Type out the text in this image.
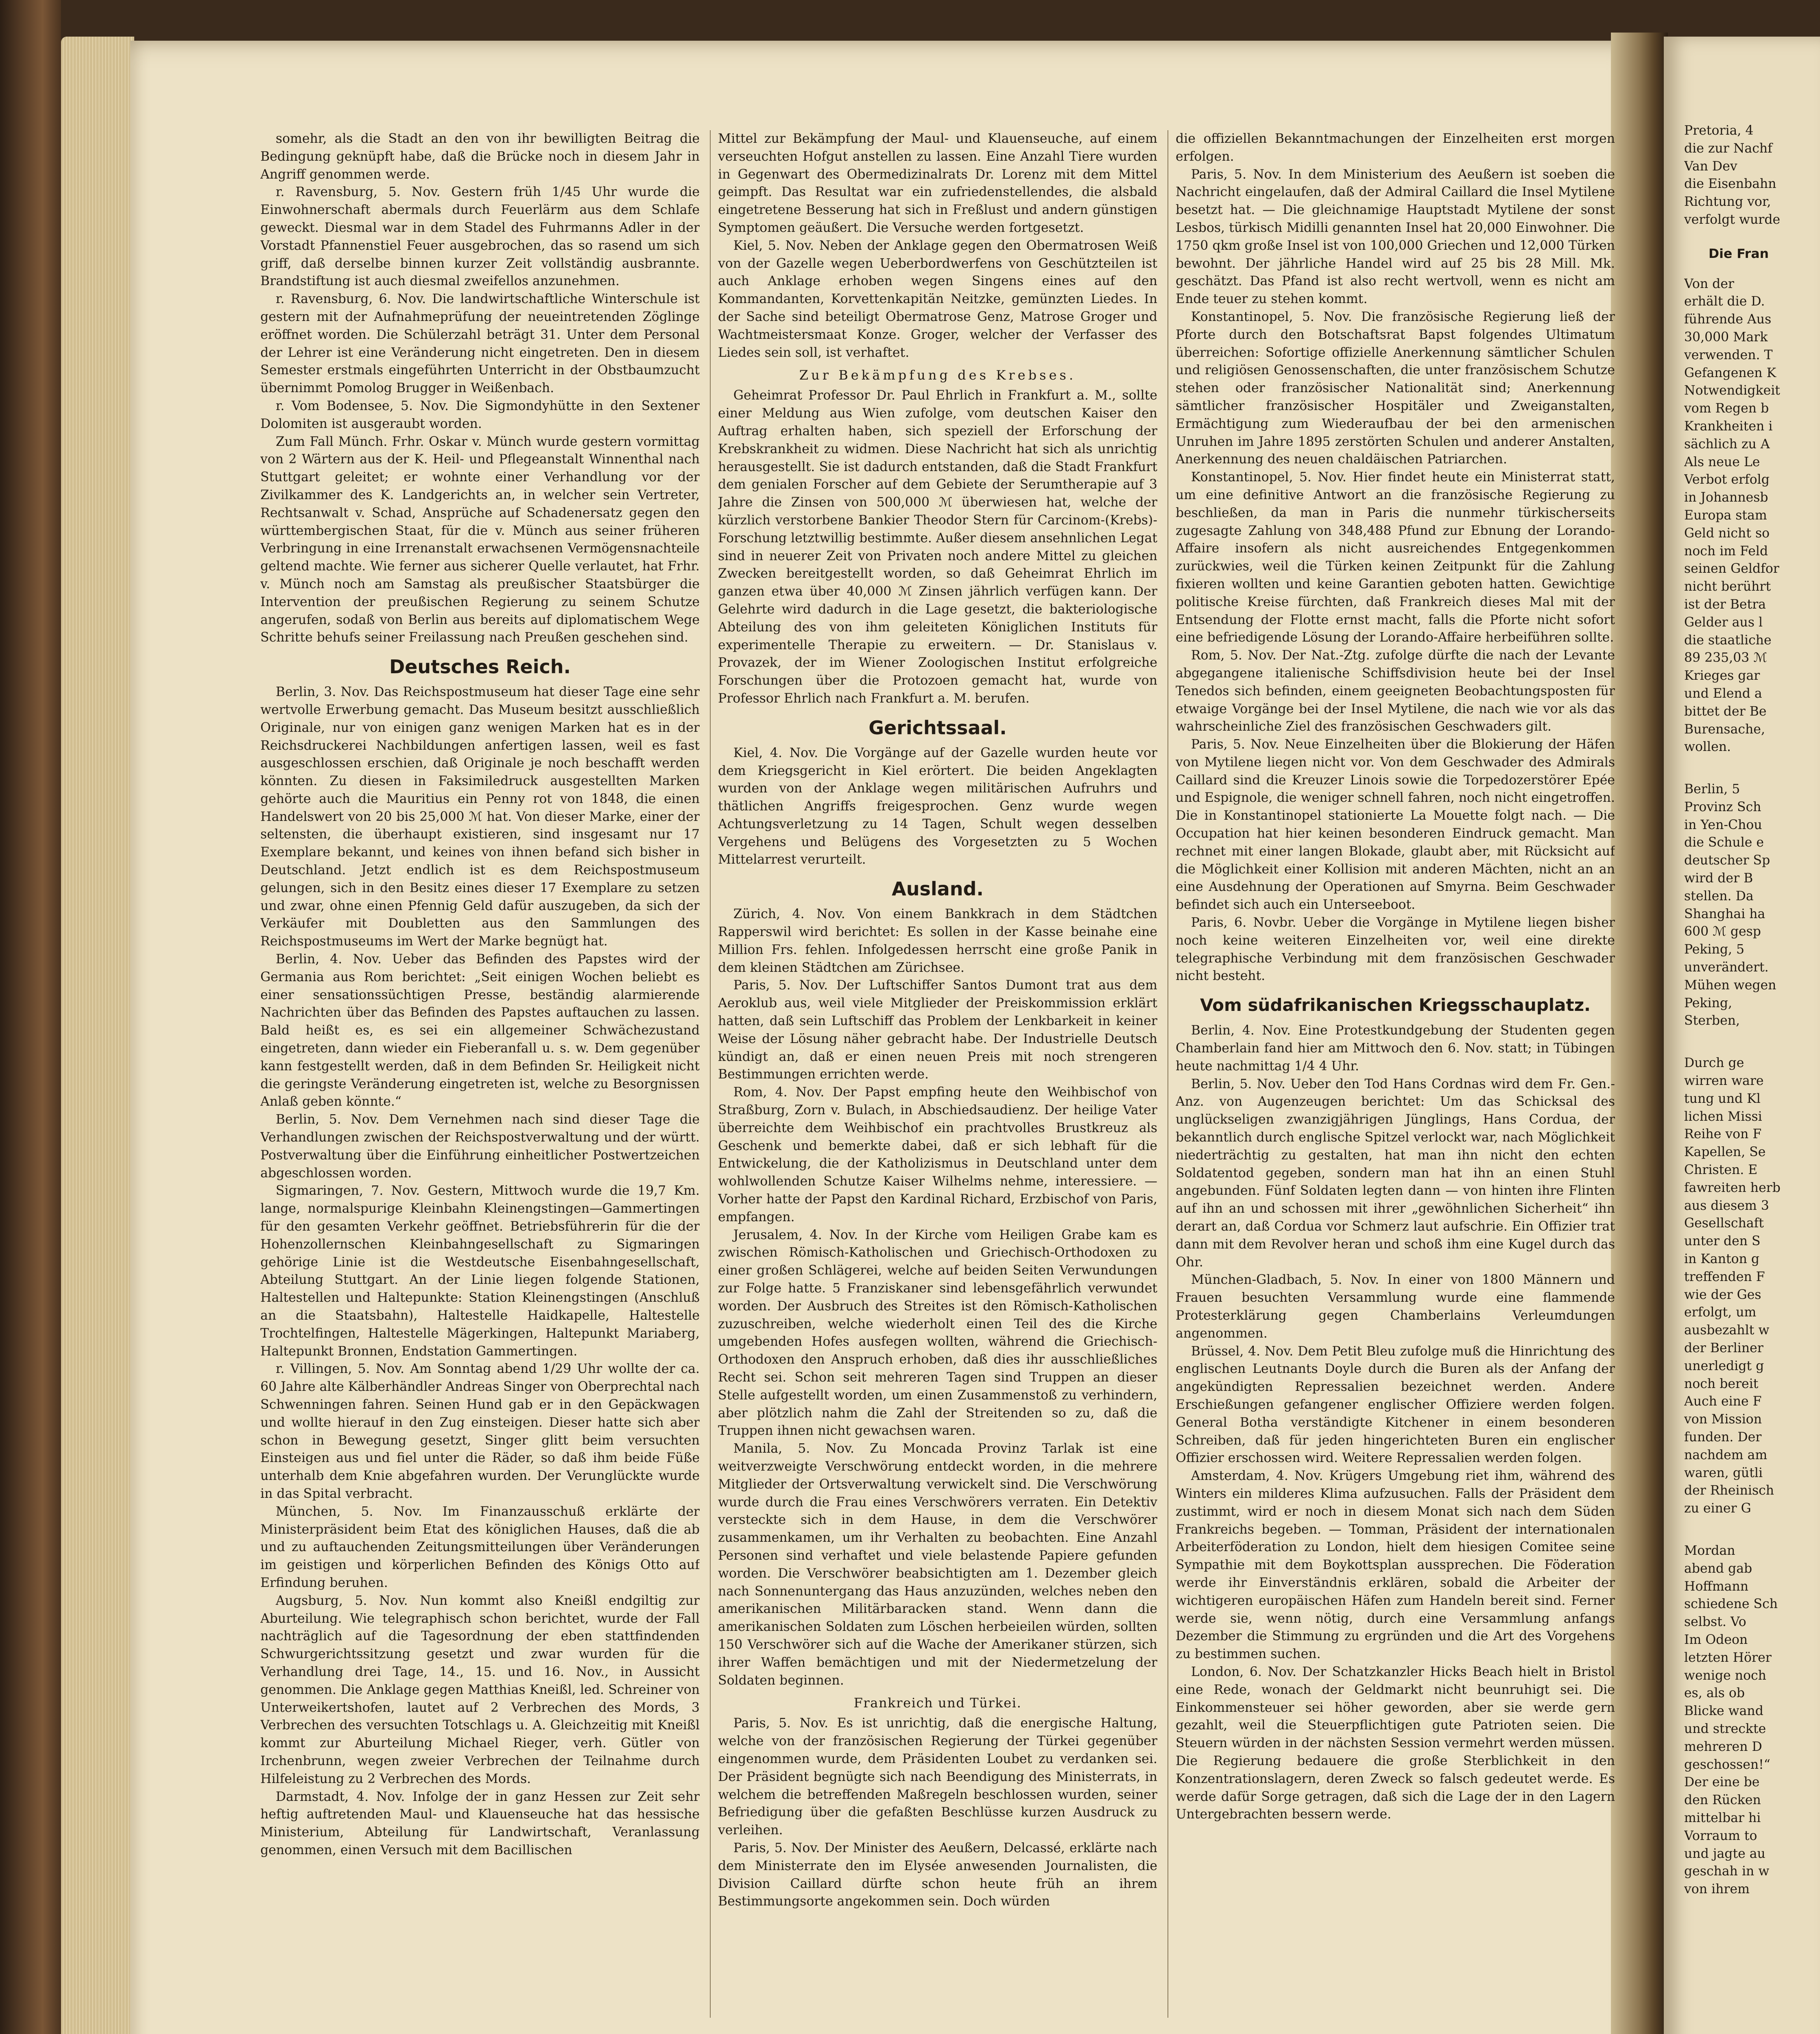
somehr, als die Stadt an den von ihr bewilligten Beitrag die Bedingung geknüpft habe, daß die Brücke noch in diesem Jahr in Angriff genommen werde.

r. Ravensburg, 5. Nov. Gestern früh 1/45 Uhr wurde die Einwohnerschaft abermals durch Feuerlärm aus dem Schlafe geweckt. Diesmal war in dem Stadel des Fuhrmanns Adler in der Vorstadt Pfannenstiel Feuer ausgebrochen, das so rasend um sich griff, daß derselbe binnen kurzer Zeit vollständig ausbrannte. Brandstiftung ist auch diesmal zweifellos anzunehmen.

r. Ravensburg, 6. Nov. Die landwirtschaftliche Winterschule ist gestern mit der Aufnahmeprüfung der neueintretenden Zöglinge eröffnet worden. Die Schülerzahl beträgt 31. Unter dem Personal der Lehrer ist eine Veränderung nicht eingetreten. Den in diesem Semester erstmals eingeführten Unterricht in der Obstbaumzucht übernimmt Pomolog Brugger in Weißenbach.

r. Vom Bodensee, 5. Nov. Die Sigmondyhütte in den Sextener Dolomiten ist ausgeraubt worden.

Zum Fall Münch. Frhr. Oskar v. Münch wurde gestern vormittag von 2 Wärtern aus der K. Heil- und Pflegeanstalt Winnenthal nach Stuttgart geleitet; er wohnte einer Verhandlung vor der Zivilkammer des K. Landgerichts an, in welcher sein Vertreter, Rechtsanwalt v. Schad, Ansprüche auf Schadenersatz gegen den württembergischen Staat, für die v. Münch aus seiner früheren Verbringung in eine Irrenanstalt erwachsenen Vermögensnachteile geltend machte. Wie ferner aus sicherer Quelle verlautet, hat Frhr. v. Münch noch am Samstag als preußischer Staatsbürger die Intervention der preußischen Regierung zu seinem Schutze angerufen, sodaß von Berlin aus bereits auf diplomatischem Wege Schritte behufs seiner Freilassung nach Preußen geschehen sind.

Deutsches Reich.

Berlin, 3. Nov. Das Reichspostmuseum hat dieser Tage eine sehr wertvolle Erwerbung gemacht. Das Museum besitzt ausschließlich Originale, nur von einigen ganz wenigen Marken hat es in der Reichsdruckerei Nachbildungen anfertigen lassen, weil es fast ausgeschlossen erschien, daß Originale je noch beschafft werden könnten. Zu diesen in Faksimiledruck ausgestellten Marken gehörte auch die Mauritius ein Penny rot von 1848, die einen Handelswert von 20 bis 25,000 ℳ hat. Von dieser Marke, einer der seltensten, die überhaupt existieren, sind insgesamt nur 17 Exemplare bekannt, und keines von ihnen befand sich bisher in Deutschland. Jetzt endlich ist es dem Reichspostmuseum gelungen, sich in den Besitz eines dieser 17 Exemplare zu setzen und zwar, ohne einen Pfennig Geld dafür auszugeben, da sich der Verkäufer mit Doubletten aus den Sammlungen des Reichspostmuseums im Wert der Marke begnügt hat.

Berlin, 4. Nov. Ueber das Befinden des Papstes wird der Germania aus Rom berichtet: „Seit einigen Wochen beliebt es einer sensationssüchtigen Presse, beständig alarmierende Nachrichten über das Befinden des Papstes auftauchen zu lassen. Bald heißt es, es sei ein allgemeiner Schwächezustand eingetreten, dann wieder ein Fieberanfall u. s. w. Dem gegenüber kann festgestellt werden, daß in dem Befinden Sr. Heiligkeit nicht die geringste Veränderung eingetreten ist, welche zu Besorgnissen Anlaß geben könnte.“

Berlin, 5. Nov. Dem Vernehmen nach sind dieser Tage die Verhandlungen zwischen der Reichspostverwaltung und der württ. Postverwaltung über die Einführung einheitlicher Postwertzeichen abgeschlossen worden.

Sigmaringen, 7. Nov. Gestern, Mittwoch wurde die 19,7 Km. lange, normalspurige Kleinbahn Kleinengstingen—Gammertingen für den gesamten Verkehr geöffnet. Betriebsführerin für die der Hohenzollernschen Kleinbahngesellschaft zu Sigmaringen gehörige Linie ist die Westdeutsche Eisenbahngesellschaft, Abteilung Stuttgart. An der Linie liegen folgende Stationen, Haltestellen und Haltepunkte: Station Kleinengstingen (Anschluß an die Staatsbahn), Haltestelle Haidkapelle, Haltestelle Trochtelfingen, Haltestelle Mägerkingen, Haltepunkt Mariaberg, Haltepunkt Bronnen, Endstation Gammertingen.

r. Villingen, 5. Nov. Am Sonntag abend 1/29 Uhr wollte der ca. 60 Jahre alte Kälberhändler Andreas Singer von Oberprechtal nach Schwenningen fahren. Seinen Hund gab er in den Gepäckwagen und wollte hierauf in den Zug einsteigen. Dieser hatte sich aber schon in Bewegung gesetzt, Singer glitt beim versuchten Einsteigen aus und fiel unter die Räder, so daß ihm beide Füße unterhalb dem Knie abgefahren wurden. Der Verunglückte wurde in das Spital verbracht.

München, 5. Nov. Im Finanzausschuß erklärte der Ministerpräsident beim Etat des königlichen Hauses, daß die ab und zu auftauchenden Zeitungsmitteilungen über Veränderungen im geistigen und körperlichen Befinden des Königs Otto auf Erfindung beruhen.

Augsburg, 5. Nov. Nun kommt also Kneißl endgiltig zur Aburteilung. Wie telegraphisch schon berichtet, wurde der Fall nachträglich auf die Tagesordnung der eben stattfindenden Schwurgerichtssitzung gesetzt und zwar wurden für die Verhandlung drei Tage, 14., 15. und 16. Nov., in Aussicht genommen. Die Anklage gegen Matthias Kneißl, led. Schreiner von Unterweikertshofen, lautet auf 2 Verbrechen des Mords, 3 Verbrechen des versuchten Totschlags u. A. Gleichzeitig mit Kneißl kommt zur Aburteilung Michael Rieger, verh. Gütler von Irchenbrunn, wegen zweier Verbrechen der Teilnahme durch Hilfeleistung zu 2 Verbrechen des Mords.

Darmstadt, 4. Nov. Infolge der in ganz Hessen zur Zeit sehr heftig auftretenden Maul- und Klauenseuche hat das hessische Ministerium, Abteilung für Landwirtschaft, Veranlassung genommen, einen Versuch mit dem Bacillischen

Mittel zur Bekämpfung der Maul- und Klauenseuche, auf einem verseuchten Hofgut anstellen zu lassen. Eine Anzahl Tiere wurden in Gegenwart des Obermedizinalrats Dr. Lorenz mit dem Mittel geimpft. Das Resultat war ein zufriedenstellendes, die alsbald eingetretene Besserung hat sich in Freßlust und andern günstigen Symptomen geäußert. Die Versuche werden fortgesetzt.

Kiel, 5. Nov. Neben der Anklage gegen den Obermatrosen Weiß von der Gazelle wegen Ueberbordwerfens von Geschützteilen ist auch Anklage erhoben wegen Singens eines auf den Kommandanten, Korvettenkapitän Neitzke, gemünzten Liedes. In der Sache sind beteiligt Obermatrose Genz, Matrose Groger und Wachtmeistersmaat Konze. Groger, welcher der Verfasser des Liedes sein soll, ist verhaftet.

Zur Bekämpfung des Krebses.

Geheimrat Professor Dr. Paul Ehrlich in Frankfurt a. M., sollte einer Meldung aus Wien zufolge, vom deutschen Kaiser den Auftrag erhalten haben, sich speziell der Erforschung der Krebskrankheit zu widmen. Diese Nachricht hat sich als unrichtig herausgestellt. Sie ist dadurch entstanden, daß die Stadt Frankfurt dem genialen Forscher auf dem Gebiete der Serumtherapie auf 3 Jahre die Zinsen von 500,000 ℳ überwiesen hat, welche der kürzlich verstorbene Bankier Theodor Stern für Carcinom-(Krebs)-Forschung letztwillig bestimmte. Außer diesem ansehnlichen Legat sind in neuerer Zeit von Privaten noch andere Mittel zu gleichen Zwecken bereitgestellt worden, so daß Geheimrat Ehrlich im ganzen etwa über 40,000 ℳ Zinsen jährlich verfügen kann. Der Gelehrte wird dadurch in die Lage gesetzt, die bakteriologische Abteilung des von ihm geleiteten Königlichen Instituts für experimentelle Therapie zu erweitern. — Dr. Stanislaus v. Provazek, der im Wiener Zoologischen Institut erfolgreiche Forschungen über die Protozoen gemacht hat, wurde von Professor Ehrlich nach Frankfurt a. M. berufen.

Gerichtssaal.

Kiel, 4. Nov. Die Vorgänge auf der Gazelle wurden heute vor dem Kriegsgericht in Kiel erörtert. Die beiden Angeklagten wurden von der Anklage wegen militärischen Aufruhrs und thätlichen Angriffs freigesprochen. Genz wurde wegen Achtungsverletzung zu 14 Tagen, Schult wegen desselben Vergehens und Belügens des Vorgesetzten zu 5 Wochen Mittelarrest verurteilt.

Ausland.

Zürich, 4. Nov. Von einem Bankkrach in dem Städtchen Rapperswil wird berichtet: Es sollen in der Kasse beinahe eine Million Frs. fehlen. Infolgedessen herrscht eine große Panik in dem kleinen Städtchen am Zürichsee.

Paris, 5. Nov. Der Luftschiffer Santos Dumont trat aus dem Aeroklub aus, weil viele Mitglieder der Preiskommission erklärt hatten, daß sein Luftschiff das Problem der Lenkbarkeit in keiner Weise der Lösung näher gebracht habe. Der Industrielle Deutsch kündigt an, daß er einen neuen Preis mit noch strengeren Bestimmungen errichten werde.

Rom, 4. Nov. Der Papst empfing heute den Weihbischof von Straßburg, Zorn v. Bulach, in Abschiedsaudienz. Der heilige Vater überreichte dem Weihbischof ein prachtvolles Brustkreuz als Geschenk und bemerkte dabei, daß er sich lebhaft für die Entwickelung, die der Katholizismus in Deutschland unter dem wohlwollenden Schutze Kaiser Wilhelms nehme, interessiere. — Vorher hatte der Papst den Kardinal Richard, Erzbischof von Paris, empfangen.

Jerusalem, 4. Nov. In der Kirche vom Heiligen Grabe kam es zwischen Römisch-Katholischen und Griechisch-Orthodoxen zu einer großen Schlägerei, welche auf beiden Seiten Verwundungen zur Folge hatte. 5 Franziskaner sind lebensgefährlich verwundet worden. Der Ausbruch des Streites ist den Römisch-Katholischen zuzuschreiben, welche wiederholt einen Teil des die Kirche umgebenden Hofes ausfegen wollten, während die Griechisch-Orthodoxen den Anspruch erhoben, daß dies ihr ausschließliches Recht sei. Schon seit mehreren Tagen sind Truppen an dieser Stelle aufgestellt worden, um einen Zusammenstoß zu verhindern, aber plötzlich nahm die Zahl der Streitenden so zu, daß die Truppen ihnen nicht gewachsen waren.

Manila, 5. Nov. Zu Moncada Provinz Tarlak ist eine weitverzweigte Verschwörung entdeckt worden, in die mehrere Mitglieder der Ortsverwaltung verwickelt sind. Die Verschwörung wurde durch die Frau eines Verschwörers verraten. Ein Detektiv versteckte sich in dem Hause, in dem die Verschwörer zusammenkamen, um ihr Verhalten zu beobachten. Eine Anzahl Personen sind verhaftet und viele belastende Papiere gefunden worden. Die Verschwörer beabsichtigten am 1. Dezember gleich nach Sonnenuntergang das Haus anzuzünden, welches neben den amerikanischen Militärbaracken stand. Wenn dann die amerikanischen Soldaten zum Löschen herbeieilen würden, sollten 150 Verschwörer sich auf die Wache der Amerikaner stürzen, sich ihrer Waffen bemächtigen und mit der Niedermetzelung der Soldaten beginnen.

Frankreich und Türkei.

Paris, 5. Nov. Es ist unrichtig, daß die energische Haltung, welche von der französischen Regierung der Türkei gegenüber eingenommen wurde, dem Präsidenten Loubet zu verdanken sei. Der Präsident begnügte sich nach Beendigung des Ministerrats, in welchem die betreffenden Maßregeln beschlossen wurden, seiner Befriedigung über die gefaßten Beschlüsse kurzen Ausdruck zu verleihen.

Paris, 5. Nov. Der Minister des Aeußern, Delcassé, erklärte nach dem Ministerrate den im Elysée anwesenden Journalisten, die Division Caillard dürfte schon heute früh an ihrem Bestimmungsorte angekommen sein. Doch würden

die offiziellen Bekanntmachungen der Einzelheiten erst morgen erfolgen.

Paris, 5. Nov. In dem Ministerium des Aeußern ist soeben die Nachricht eingelaufen, daß der Admiral Caillard die Insel Mytilene besetzt hat. — Die gleichnamige Hauptstadt Mytilene der sonst Lesbos, türkisch Midilli genannten Insel hat 20,000 Einwohner. Die 1750 qkm große Insel ist von 100,000 Griechen und 12,000 Türken bewohnt. Der jährliche Handel wird auf 25 bis 28 Mill. Mk. geschätzt. Das Pfand ist also recht wertvoll, wenn es nicht am Ende teuer zu stehen kommt.

Konstantinopel, 5. Nov. Die französische Regierung ließ der Pforte durch den Botschaftsrat Bapst folgendes Ultimatum überreichen: Sofortige offizielle Anerkennung sämtlicher Schulen und religiösen Genossenschaften, die unter französischem Schutze stehen oder französischer Nationalität sind; Anerkennung sämtlicher französischer Hospitäler und Zweiganstalten, Ermächtigung zum Wiederaufbau der bei den armenischen Unruhen im Jahre 1895 zerstörten Schulen und anderer Anstalten, Anerkennung des neuen chaldäischen Patriarchen.

Konstantinopel, 5. Nov. Hier findet heute ein Ministerrat statt, um eine definitive Antwort an die französische Regierung zu beschließen, da man in Paris die nunmehr türkischerseits zugesagte Zahlung von 348,488 Pfund zur Ebnung der Lorando-Affaire insofern als nicht ausreichendes Entgegenkommen zurückwies, weil die Türken keinen Zeitpunkt für die Zahlung fixieren wollten und keine Garantien geboten hatten. Gewichtige politische Kreise fürchten, daß Frankreich dieses Mal mit der Entsendung der Flotte ernst macht, falls die Pforte nicht sofort eine befriedigende Lösung der Lorando-Affaire herbeiführen sollte.

Rom, 5. Nov. Der Nat.-Ztg. zufolge dürfte die nach der Levante abgegangene italienische Schiffsdivision heute bei der Insel Tenedos sich befinden, einem geeigneten Beobachtungsposten für etwaige Vorgänge bei der Insel Mytilene, die nach wie vor als das wahrscheinliche Ziel des französischen Geschwaders gilt.

Paris, 5. Nov. Neue Einzelheiten über die Blokierung der Häfen von Mytilene liegen nicht vor. Von dem Geschwader des Admirals Caillard sind die Kreuzer Linois sowie die Torpedozerstörer Epée und Espignole, die weniger schnell fahren, noch nicht eingetroffen. Die in Konstantinopel stationierte La Mouette folgt nach. — Die Occupation hat hier keinen besonderen Eindruck gemacht. Man rechnet mit einer langen Blokade, glaubt aber, mit Rücksicht auf die Möglichkeit einer Kollision mit anderen Mächten, nicht an an eine Ausdehnung der Operationen auf Smyrna. Beim Geschwader befindet sich auch ein Unterseeboot.

Paris, 6. Novbr. Ueber die Vorgänge in Mytilene liegen bisher noch keine weiteren Einzelheiten vor, weil eine direkte telegraphische Verbindung mit dem französischen Geschwader nicht besteht.

Vom südafrikanischen Kriegsschauplatz.

Berlin, 4. Nov. Eine Protestkundgebung der Studenten gegen Chamberlain fand hier am Mittwoch den 6. Nov. statt; in Tübingen heute nachmittag 1/4 4 Uhr.

Berlin, 5. Nov. Ueber den Tod Hans Cordnas wird dem Fr. Gen.-Anz. von Augenzeugen berichtet: Um das Schicksal des unglückseligen zwanzigjährigen Jünglings, Hans Cordua, der bekanntlich durch englische Spitzel verlockt war, nach Möglichkeit niederträchtig zu gestalten, hat man ihn nicht den echten Soldatentod gegeben, sondern man hat ihn an einen Stuhl angebunden. Fünf Soldaten legten dann — von hinten ihre Flinten auf ihn an und schossen mit ihrer „gewöhnlichen Sicherheit“ ihn derart an, daß Cordua vor Schmerz laut aufschrie. Ein Offizier trat dann mit dem Revolver heran und schoß ihm eine Kugel durch das Ohr.

München-Gladbach, 5. Nov. In einer von 1800 Männern und Frauen besuchten Versammlung wurde eine flammende Protesterklärung gegen Chamberlains Verleumdungen angenommen.

Brüssel, 4. Nov. Dem Petit Bleu zufolge muß die Hinrichtung des englischen Leutnants Doyle durch die Buren als der Anfang der angekündigten Repressalien bezeichnet werden. Andere Erschießungen gefangener englischer Offiziere werden folgen. General Botha verständigte Kitchener in einem besonderen Schreiben, daß für jeden hingerichteten Buren ein englischer Offizier erschossen wird. Weitere Repressalien werden folgen.

Amsterdam, 4. Nov. Krügers Umgebung riet ihm, während des Winters ein milderes Klima aufzusuchen. Falls der Präsident dem zustimmt, wird er noch in diesem Monat sich nach dem Süden Frankreichs begeben. — Tomman, Präsident der internationalen Arbeiterföderation zu London, hielt dem hiesigen Comitee seine Sympathie mit dem Boykottsplan aussprechen. Die Föderation werde ihr Einverständnis erklären, sobald die Arbeiter der wichtigeren europäischen Häfen zum Handeln bereit sind. Ferner werde sie, wenn nötig, durch eine Versammlung anfangs Dezember die Stimmung zu ergründen und die Art des Vorgehens zu bestimmen suchen.

London, 6. Nov. Der Schatzkanzler Hicks Beach hielt in Bristol eine Rede, wonach der Geldmarkt nicht beunruhigt sei. Die Einkommensteuer sei höher geworden, aber sie werde gern gezahlt, weil die Steuerpflichtigen gute Patrioten seien. Die Steuern würden in der nächsten Session vermehrt werden müssen. Die Regierung bedauere die große Sterblichkeit in den Konzentrationslagern, deren Zweck so falsch gedeutet werde. Es werde dafür Sorge getragen, daß sich die Lage der in den Lagern Untergebrachten bessern werde.

Pretoria, 4
die zur Nachf
Van Dev
die Eisenbahn
Richtung vor,
verfolgt wurde
Die Fran
Von der
erhält die D.
führende Aus
30,000 Mark
verwenden. T
Gefangenen K
Notwendigkeit
vom Regen b
Krankheiten i
sächlich zu A
Als neue Le
Verbot erfolg
in Johannesb
Europa stam
Geld nicht so
noch im Feld
seinen Geldfor
nicht berührt
ist der Betra
Gelder aus l
die staatliche
89 235,03 ℳ
Krieges gar
und Elend a
bittet der Be
Burensache,
wollen.
Berlin, 5
Provinz Sch
in Yen-Chou
die Schule e
deutscher Sp
wird der B
stellen. Da
Shanghai ha
600 ℳ gesp
Peking, 5
unverändert.
Mühen wegen
Peking,
Sterben,
Durch ge
wirren ware
tung und Kl
lichen Missi
Reihe von F
Kapellen, Se
Christen. E
fawreiten herb
aus diesem 3
Gesellschaft
unter den S
in Kanton g
treffenden F
wie der Ges
erfolgt, um
ausbezahlt w
der Berliner
unerledigt g
noch bereit
Auch eine F
von Mission
funden. Der
nachdem am
waren, gütli
der Rheinisch
zu einer G
Mordan
abend gab
Hoffmann
schiedene Sch
selbst. Vo
Im Odeon
letzten Hörer
wenige noch
es, als ob
Blicke wand
und streckte
mehreren D
geschossen!“
Der eine be
den Rücken
mittelbar hi
Vorraum to
und jagte au
geschah in w
von ihrem
